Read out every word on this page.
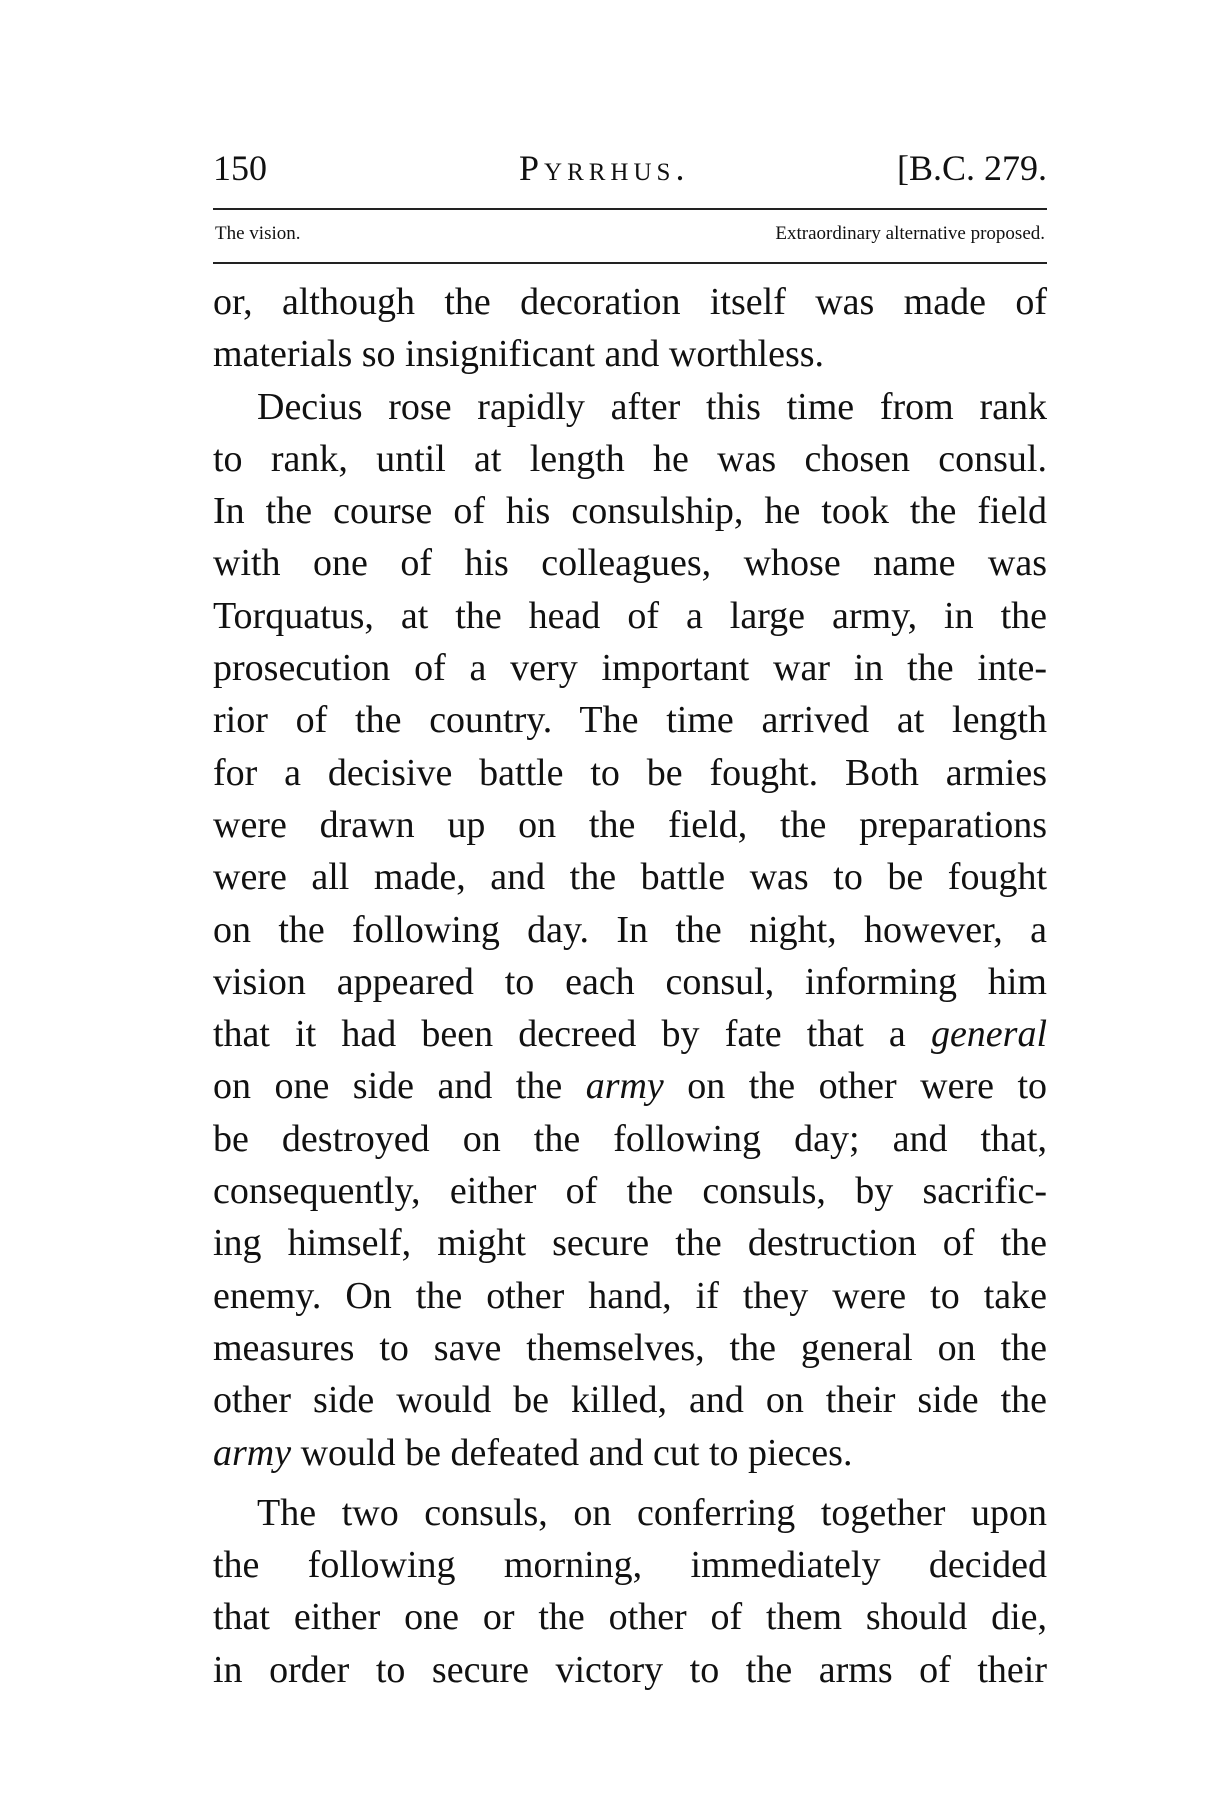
150	Pyrrhus.	[B.C. 279.
The vision.	Extraordinary alternative proposed.
or, although the decoration itself was made of
materials so insignificant and worthless.
Decius rose rapidly after this time from rank
to rank, until at length he was chosen consul.
In the course of his consulship, he took the field
with one of his colleagues, whose name was
Torquatus, at the head of a large army, in the
prosecution of a very important war in the inte-
rior of the country. The time arrived at length
for a decisive battle to be fought. Both armies
were drawn up on the field, the preparations
were all made, and the battle was to be fought
on the following day. In the night, however, a
vision appeared to each consul, informing him
that it had been decreed by fate that a general
on one side and the army on the other were to
be destroyed on the following day; and that,
consequently, either of the consuls, by sacrific-
ing himself, might secure the destruction of the
enemy. On the other hand, if they were to take
measures to save themselves, the general on the
other side would be killed, and on their side the
army would be defeated and cut to pieces.
The two consuls, on conferring together upon
the following morning, immediately decided
that either one or the other of them should die,
in order to secure victory to the arms of their
